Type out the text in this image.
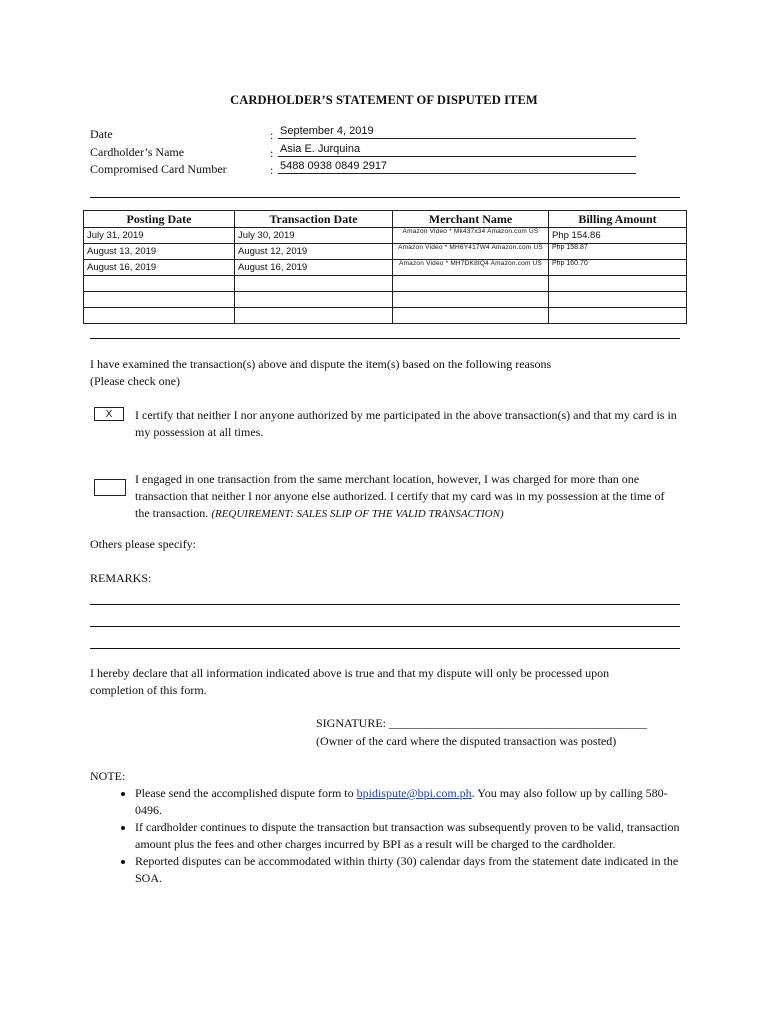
CARDHOLDER’S STATEMENT OF DISPUTED ITEM
Date	: September 4, 2019
Cardholder’s Name	: Asia E. Jurquina
Compromised Card Number	: 5488 0938 0849 2917
Posting Date	Transaction Date	Merchant Name	Billing Amount
July 31, 2019	July 30, 2019	Amazon Video * Mk437x34 Amazon.com US	Php 154.86
August 13, 2019	August 12, 2019	Amazon Video * MH6Y417W4 Amazon.com US	Php 158.87
August 16, 2019	August 16, 2019	Amazon Video * MH7DK8IQ4 Amazon.com US	Php 160.70

I have examined the transaction(s) above and dispute the item(s) based on the following reasons

(Please check one)

X	I certify that neither I nor anyone authorized by me participated in the above transaction(s) and that my card is in my possession at all times.
I engaged in one transaction from the same merchant location, however, I was charged for more than one transaction that neither I nor anyone else authorized. I certify that my card was in my possession at the time of the transaction. (REQUIREMENT: SALES SLIP OF THE VALID TRANSACTION)
Others please specify:
REMARKS:
I hereby declare that all information indicated above is true and that my dispute will only be processed upon completion of this form.
SIGNATURE: ___________________________________________
(Owner of the card where the disputed transaction was posted)

NOTE:

• Please send the accomplished dispute form to bpidispute@bpi.com.ph. You may also follow up by calling 580-0496.
• If cardholder continues to dispute the transaction but transaction was subsequently proven to be valid, transaction amount plus the fees and other charges incurred by BPI as a result will be charged to the cardholder.
• Reported disputes can be accommodated within thirty (30) calendar days from the statement date indicated in the SOA.
